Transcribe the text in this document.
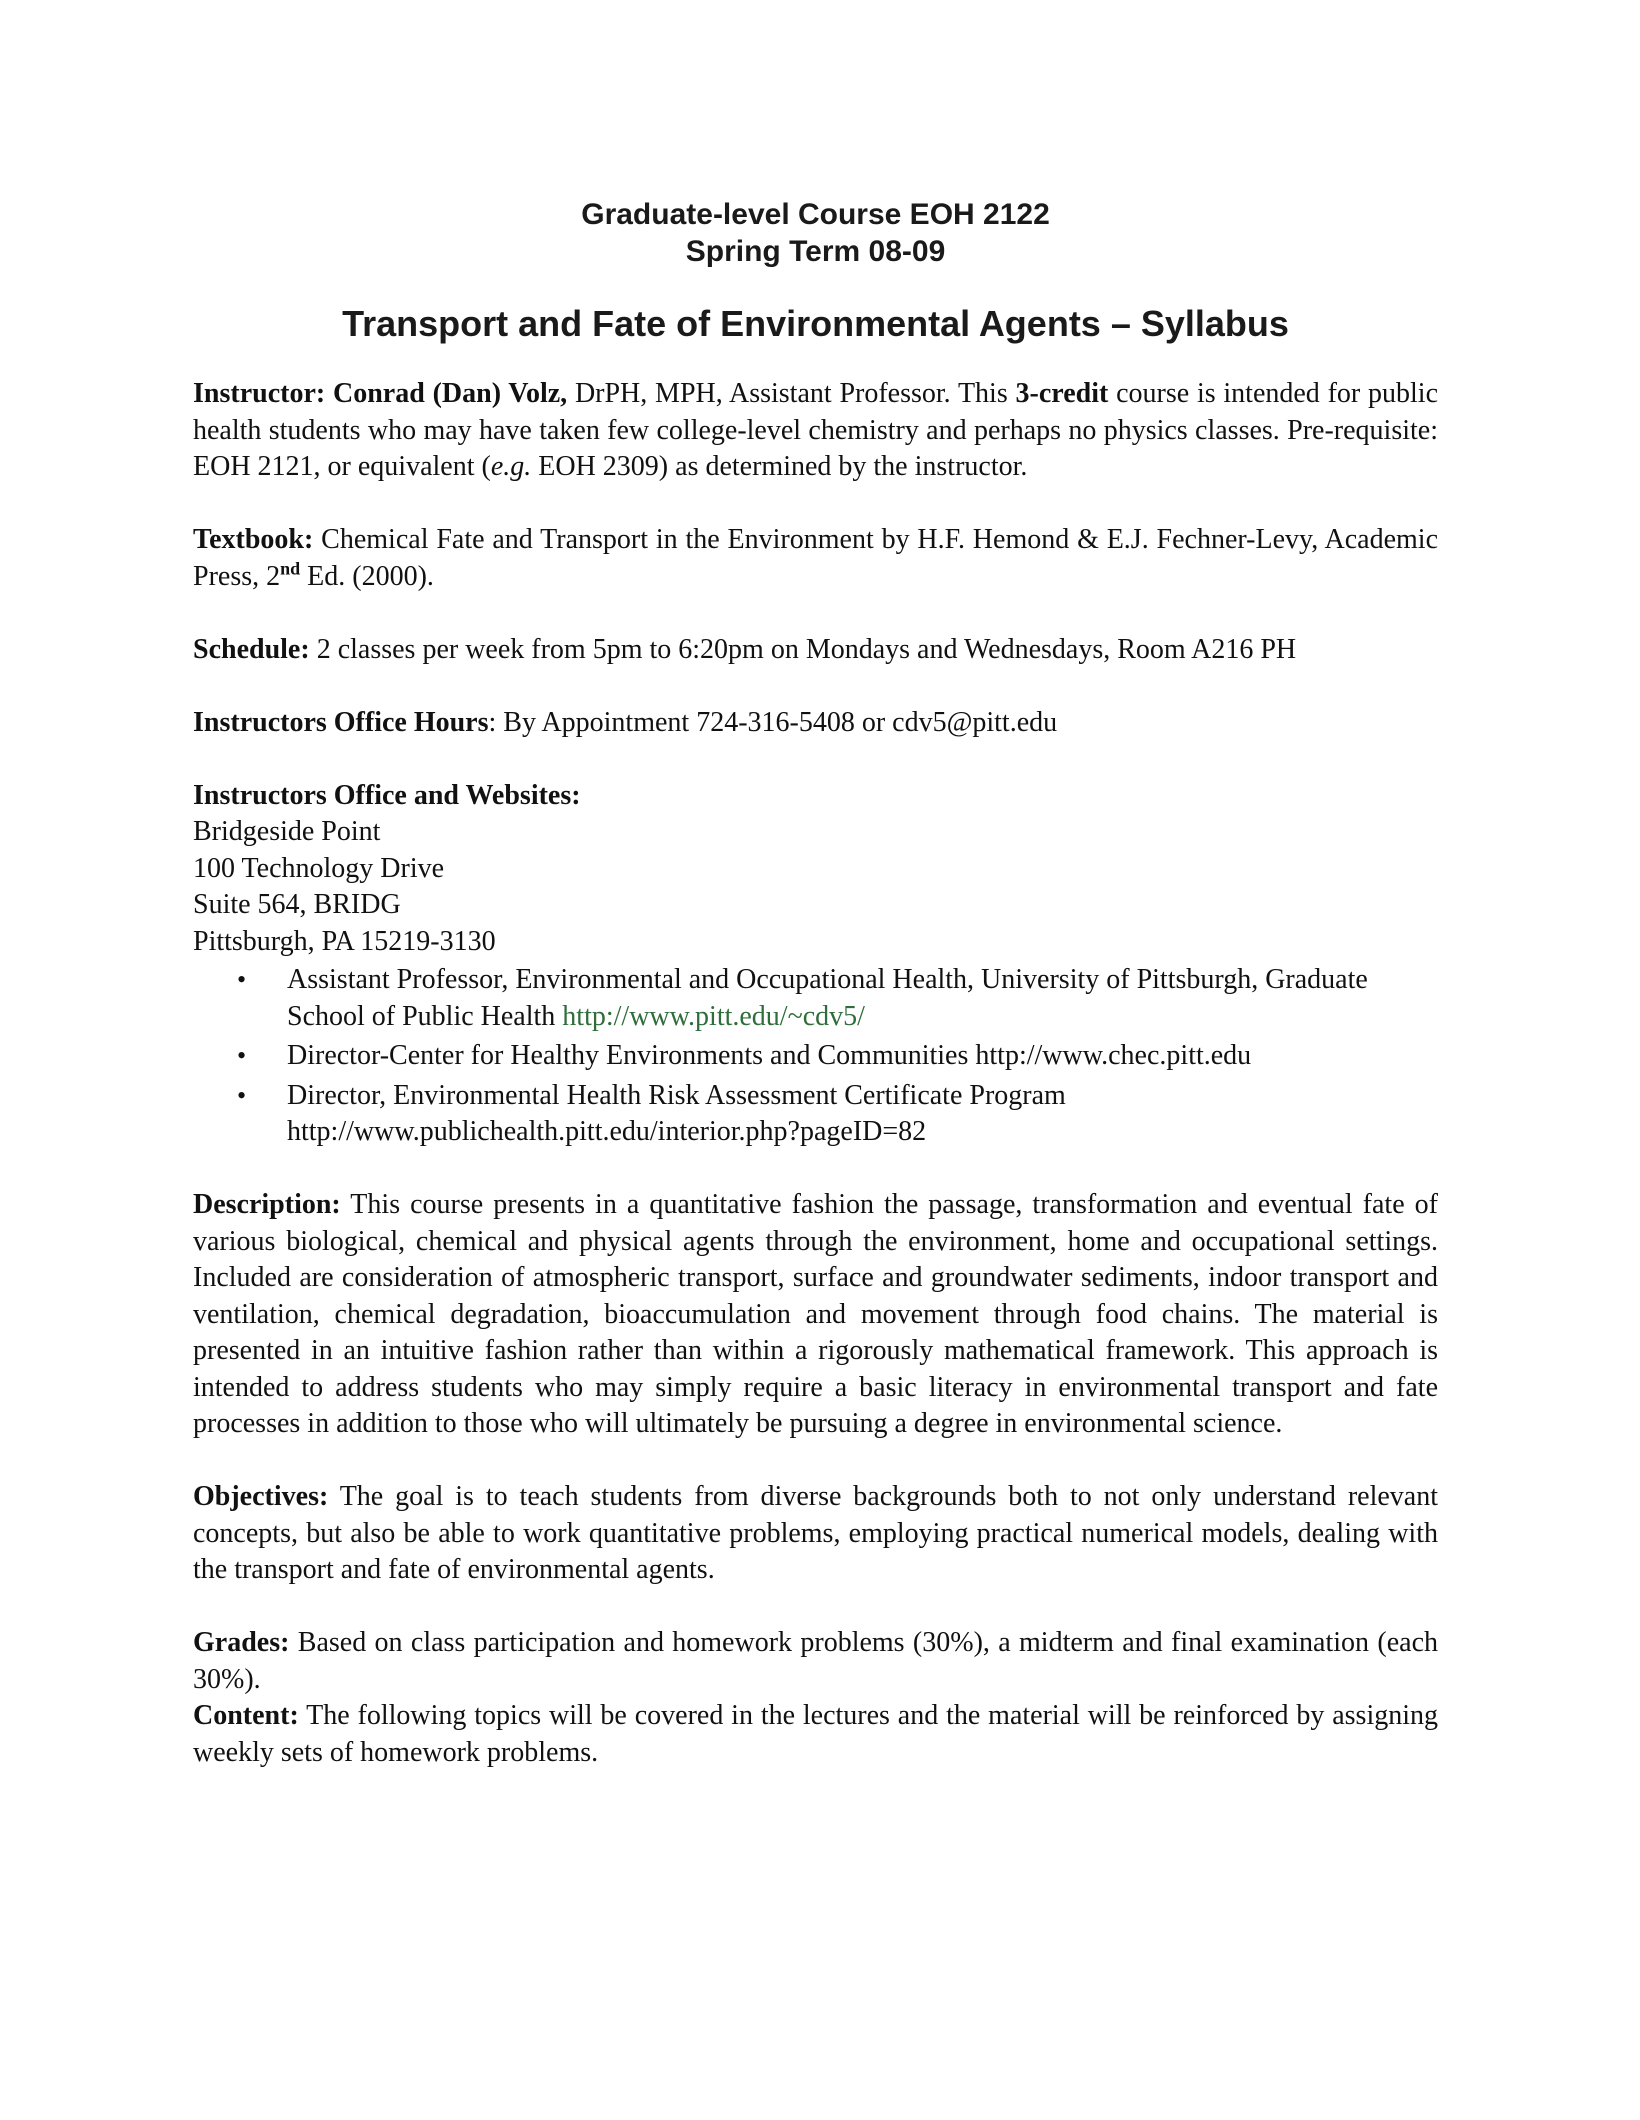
Graduate-level Course EOH 2122
Spring Term 08-09
Transport and Fate of Environmental Agents – Syllabus

Instructor: Conrad (Dan) Volz, DrPH, MPH, Assistant Professor. This 3-credit course is intended for public health students who may have taken few college-level chemistry and perhaps no physics classes. Pre-requisite: EOH 2121, or equivalent (e.g. EOH 2309) as determined by the instructor.

Textbook: Chemical Fate and Transport in the Environment by H.F. Hemond & E.J. Fechner-Levy, Academic Press, 2nd Ed. (2000).

Schedule: 2 classes per week from 5pm to 6:20pm on Mondays and Wednesdays, Room A216 PH

Instructors Office Hours: By Appointment 724-316-5408 or cdv5@pitt.edu

Instructors Office and Websites:

Bridgeside Point

100 Technology Drive

Suite 564, BRIDG

Pittsburgh, PA 15219-3130

• Assistant Professor, Environmental and Occupational Health, University of Pittsburgh, Graduate School of Public Health http://www.pitt.edu/~cdv5/
• Director-Center for Healthy Environments and Communities http://www.chec.pitt.edu
• Director, Environmental Health Risk Assessment Certificate Program http://www.publichealth.pitt.edu/interior.php?pageID=82

Description: This course presents in a quantitative fashion the passage, transformation and eventual fate of various biological, chemical and physical agents through the environment, home and occupational settings. Included are consideration of atmospheric transport, surface and groundwater sediments, indoor transport and ventilation, chemical degradation, bioaccumulation and movement through food chains. The material is presented in an intuitive fashion rather than within a rigorously mathematical framework. This approach is intended to address students who may simply require a basic literacy in environmental transport and fate processes in addition to those who will ultimately be pursuing a degree in environmental science.

Objectives: The goal is to teach students from diverse backgrounds both to not only understand relevant concepts, but also be able to work quantitative problems, employing practical numerical models, dealing with the transport and fate of environmental agents.

Grades: Based on class participation and homework problems (30%), a midterm and final examination (each 30%).

Content: The following topics will be covered in the lectures and the material will be reinforced by assigning weekly sets of homework problems.
